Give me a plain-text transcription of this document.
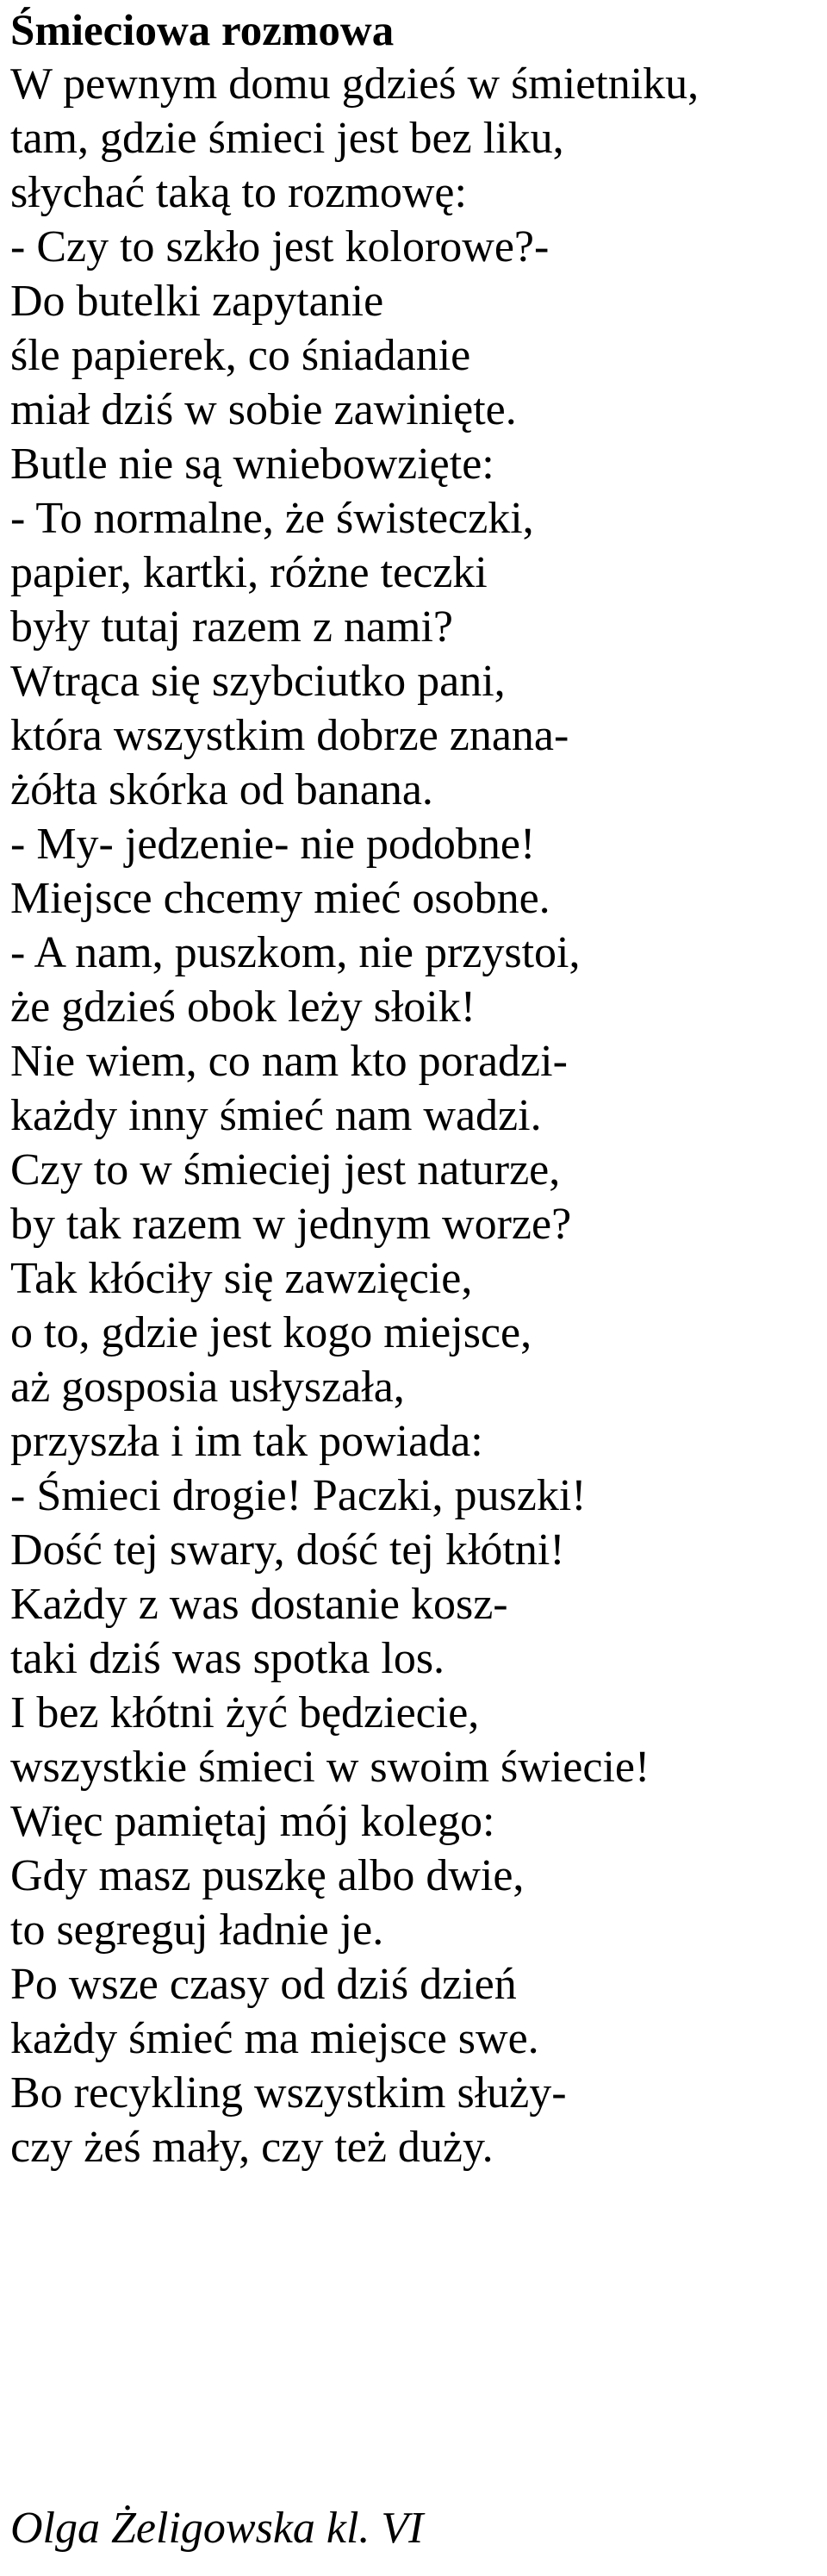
Śmieciowa rozmowa
W pewnym domu gdzieś w śmietniku,
tam, gdzie śmieci jest bez liku,
słychać taką to rozmowę:
- Czy to szkło jest kolorowe?-
Do butelki zapytanie
śle papierek, co śniadanie
miał dziś w sobie zawinięte.
Butle nie są wniebowzięte:
- To normalne, że świsteczki,
papier, kartki, różne teczki
były tutaj razem z nami?
Wtrąca się szybciutko pani,
która wszystkim dobrze znana-
żółta skórka od banana.
- My- jedzenie- nie podobne!
Miejsce chcemy mieć osobne.
- A nam, puszkom, nie przystoi,
że gdzieś obok leży słoik!
Nie wiem, co nam kto poradzi-
każdy inny śmieć nam wadzi.
Czy to w śmieciej jest naturze,
by tak razem w jednym worze?
Tak kłóciły się zawzięcie,
o to, gdzie jest kogo miejsce,
aż gosposia usłyszała,
przyszła i im tak powiada:
- Śmieci drogie! Paczki, puszki!
Dość tej swary, dość tej kłótni!
Każdy z was dostanie kosz-
taki dziś was spotka los.
I bez kłótni żyć będziecie,
wszystkie śmieci w swoim świecie!
Więc pamiętaj mój kolego:
Gdy masz puszkę albo dwie,
to segreguj ładnie je.
Po wsze czasy od dziś dzień
każdy śmieć ma miejsce swe.
Bo recykling wszystkim służy-
czy żeś mały, czy też duży.
Olga Żeligowska kl. VI
